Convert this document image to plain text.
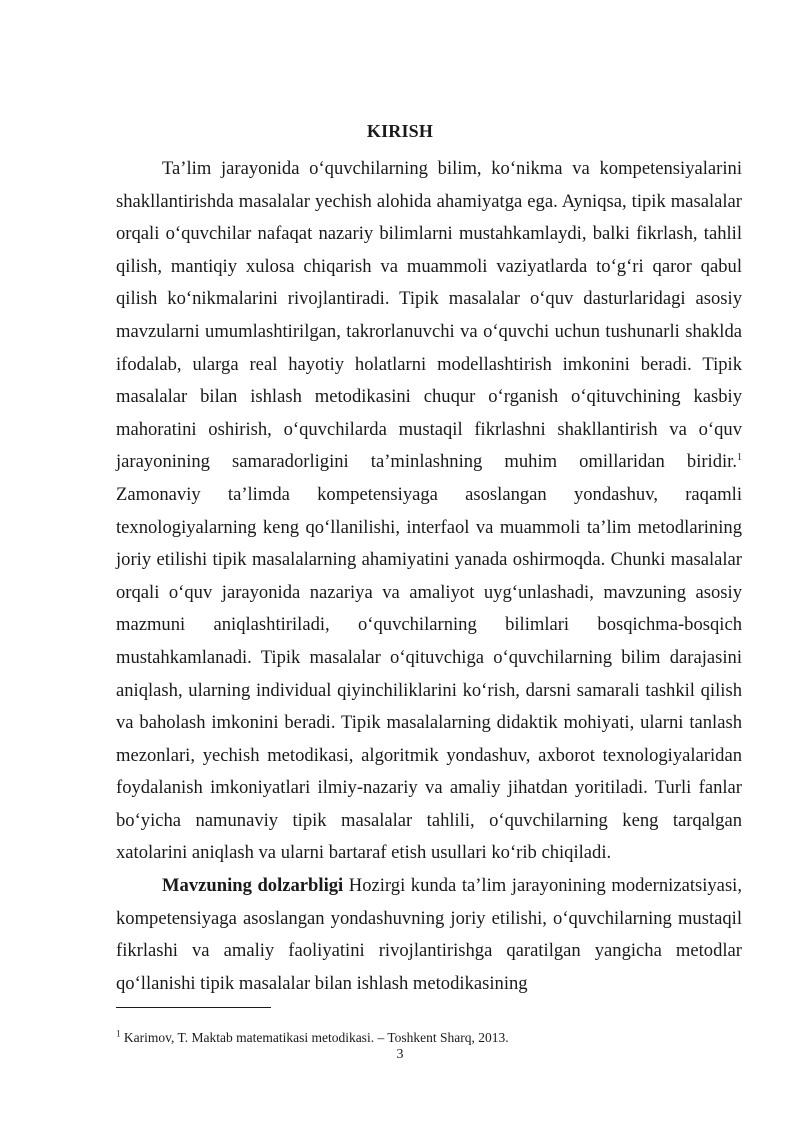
KIRISH

Ta’lim jarayonida o‘quvchilarning bilim, ko‘nikma va kompetensiyalarini shakllantirishda masalalar yechish alohida ahamiyatga ega. Ayniqsa, tipik masalalar orqali o‘quvchilar nafaqat nazariy bilimlarni mustahkamlaydi, balki fikrlash, tahlil qilish, mantiqiy xulosa chiqarish va muammoli vaziyatlarda to‘g‘ri qaror qabul qilish ko‘nikmalarini rivojlantiradi. Tipik masalalar o‘quv dasturlaridagi asosiy mavzularni umumlashtirilgan, takrorlanuvchi va o‘quvchi uchun tushunarli shaklda ifodalab, ularga real hayotiy holatlarni modellashtirish imkonini beradi. Tipik masalalar bilan ishlash metodikasini chuqur o‘rganish o‘qituvchining kasbiy mahoratini oshirish, o‘quvchilarda mustaqil fikrlashni shakllantirish va o‘quv jarayonining samaradorligini ta’minlashning muhim omillaridan biridir.$^1$ Zamonaviy ta’limda kompetensiyaga asoslangan yondashuv, raqamli texnologiyalarning keng qo‘llanilishi, interfaol va muammoli ta’lim metodlarining joriy etilishi tipik masalalarning ahamiyatini yanada oshirmoqda. Chunki masalalar orqali o‘quv jarayonida nazariya va amaliyot uyg‘unlashadi, mavzuning asosiy mazmuni aniqlashtiriladi, o‘quvchilarning bilimlari bosqichma-bosqich mustahkamlanadi. Tipik masalalar o‘qituvchiga o‘quvchilarning bilim darajasini aniqlash, ularning individual qiyinchiliklarini ko‘rish, darsni samarali tashkil qilish va baholash imkonini beradi. Tipik masalalarning didaktik mohiyati, ularni tanlash mezonlari, yechish metodikasi, algoritmik yondashuv, axborot texnologiyalaridan foydalanish imkoniyatlari ilmiy-nazariy va amaliy jihatdan yoritiladi. Turli fanlar bo‘yicha namunaviy tipik masalalar tahlili, o‘quvchilarning keng tarqalgan xatolarini aniqlash va ularni bartaraf etish usullari ko‘rib chiqiladi.

Mavzuning dolzarbligi Hozirgi kunda ta’lim jarayonining modernizatsiyasi, kompetensiyaga asoslangan yondashuvning joriy etilishi, o‘quvchilarning mustaqil fikrlashi va amaliy faoliyatini rivojlantirishga qaratilgan yangicha metodlar qo‘llanishi tipik masalalar bilan ishlash metodikasining

$^1$ Karimov, T. Maktab matematikasi metodikasi. – Toshkent Sharq, 2013.
3
